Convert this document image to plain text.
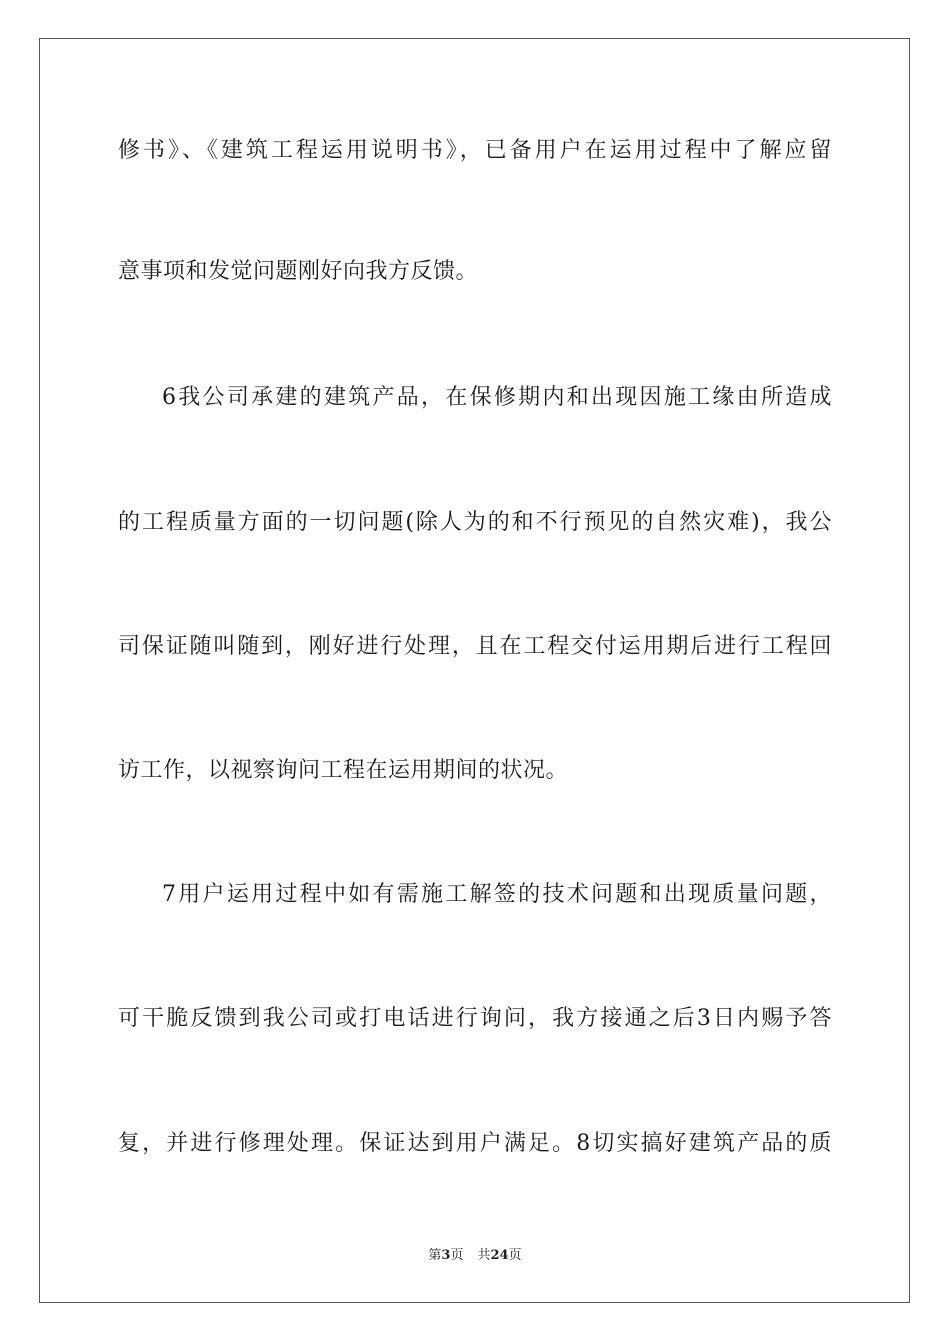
修书》、《建筑工程运用说明书》，已备用户在运用过程中了解应留
意事项和发觉问题刚好向我方反馈。
6我公司承建的建筑产品，在保修期内和出现因施工缘由所造成
的工程质量方面的一切问题(除人为的和不行预见的自然灾难)，我公
司保证随叫随到，刚好进行处理，且在工程交付运用期后进行工程回
访工作，以视察询问工程在运用期间的状况。
7用户运用过程中如有需施工解签的技术问题和出现质量问题，
可干脆反馈到我公司或打电话进行询问，我方接通之后3日内赐予答
复，并进行修理处理。保证达到用户满足。8切实搞好建筑产品的质
第3页 共24页
